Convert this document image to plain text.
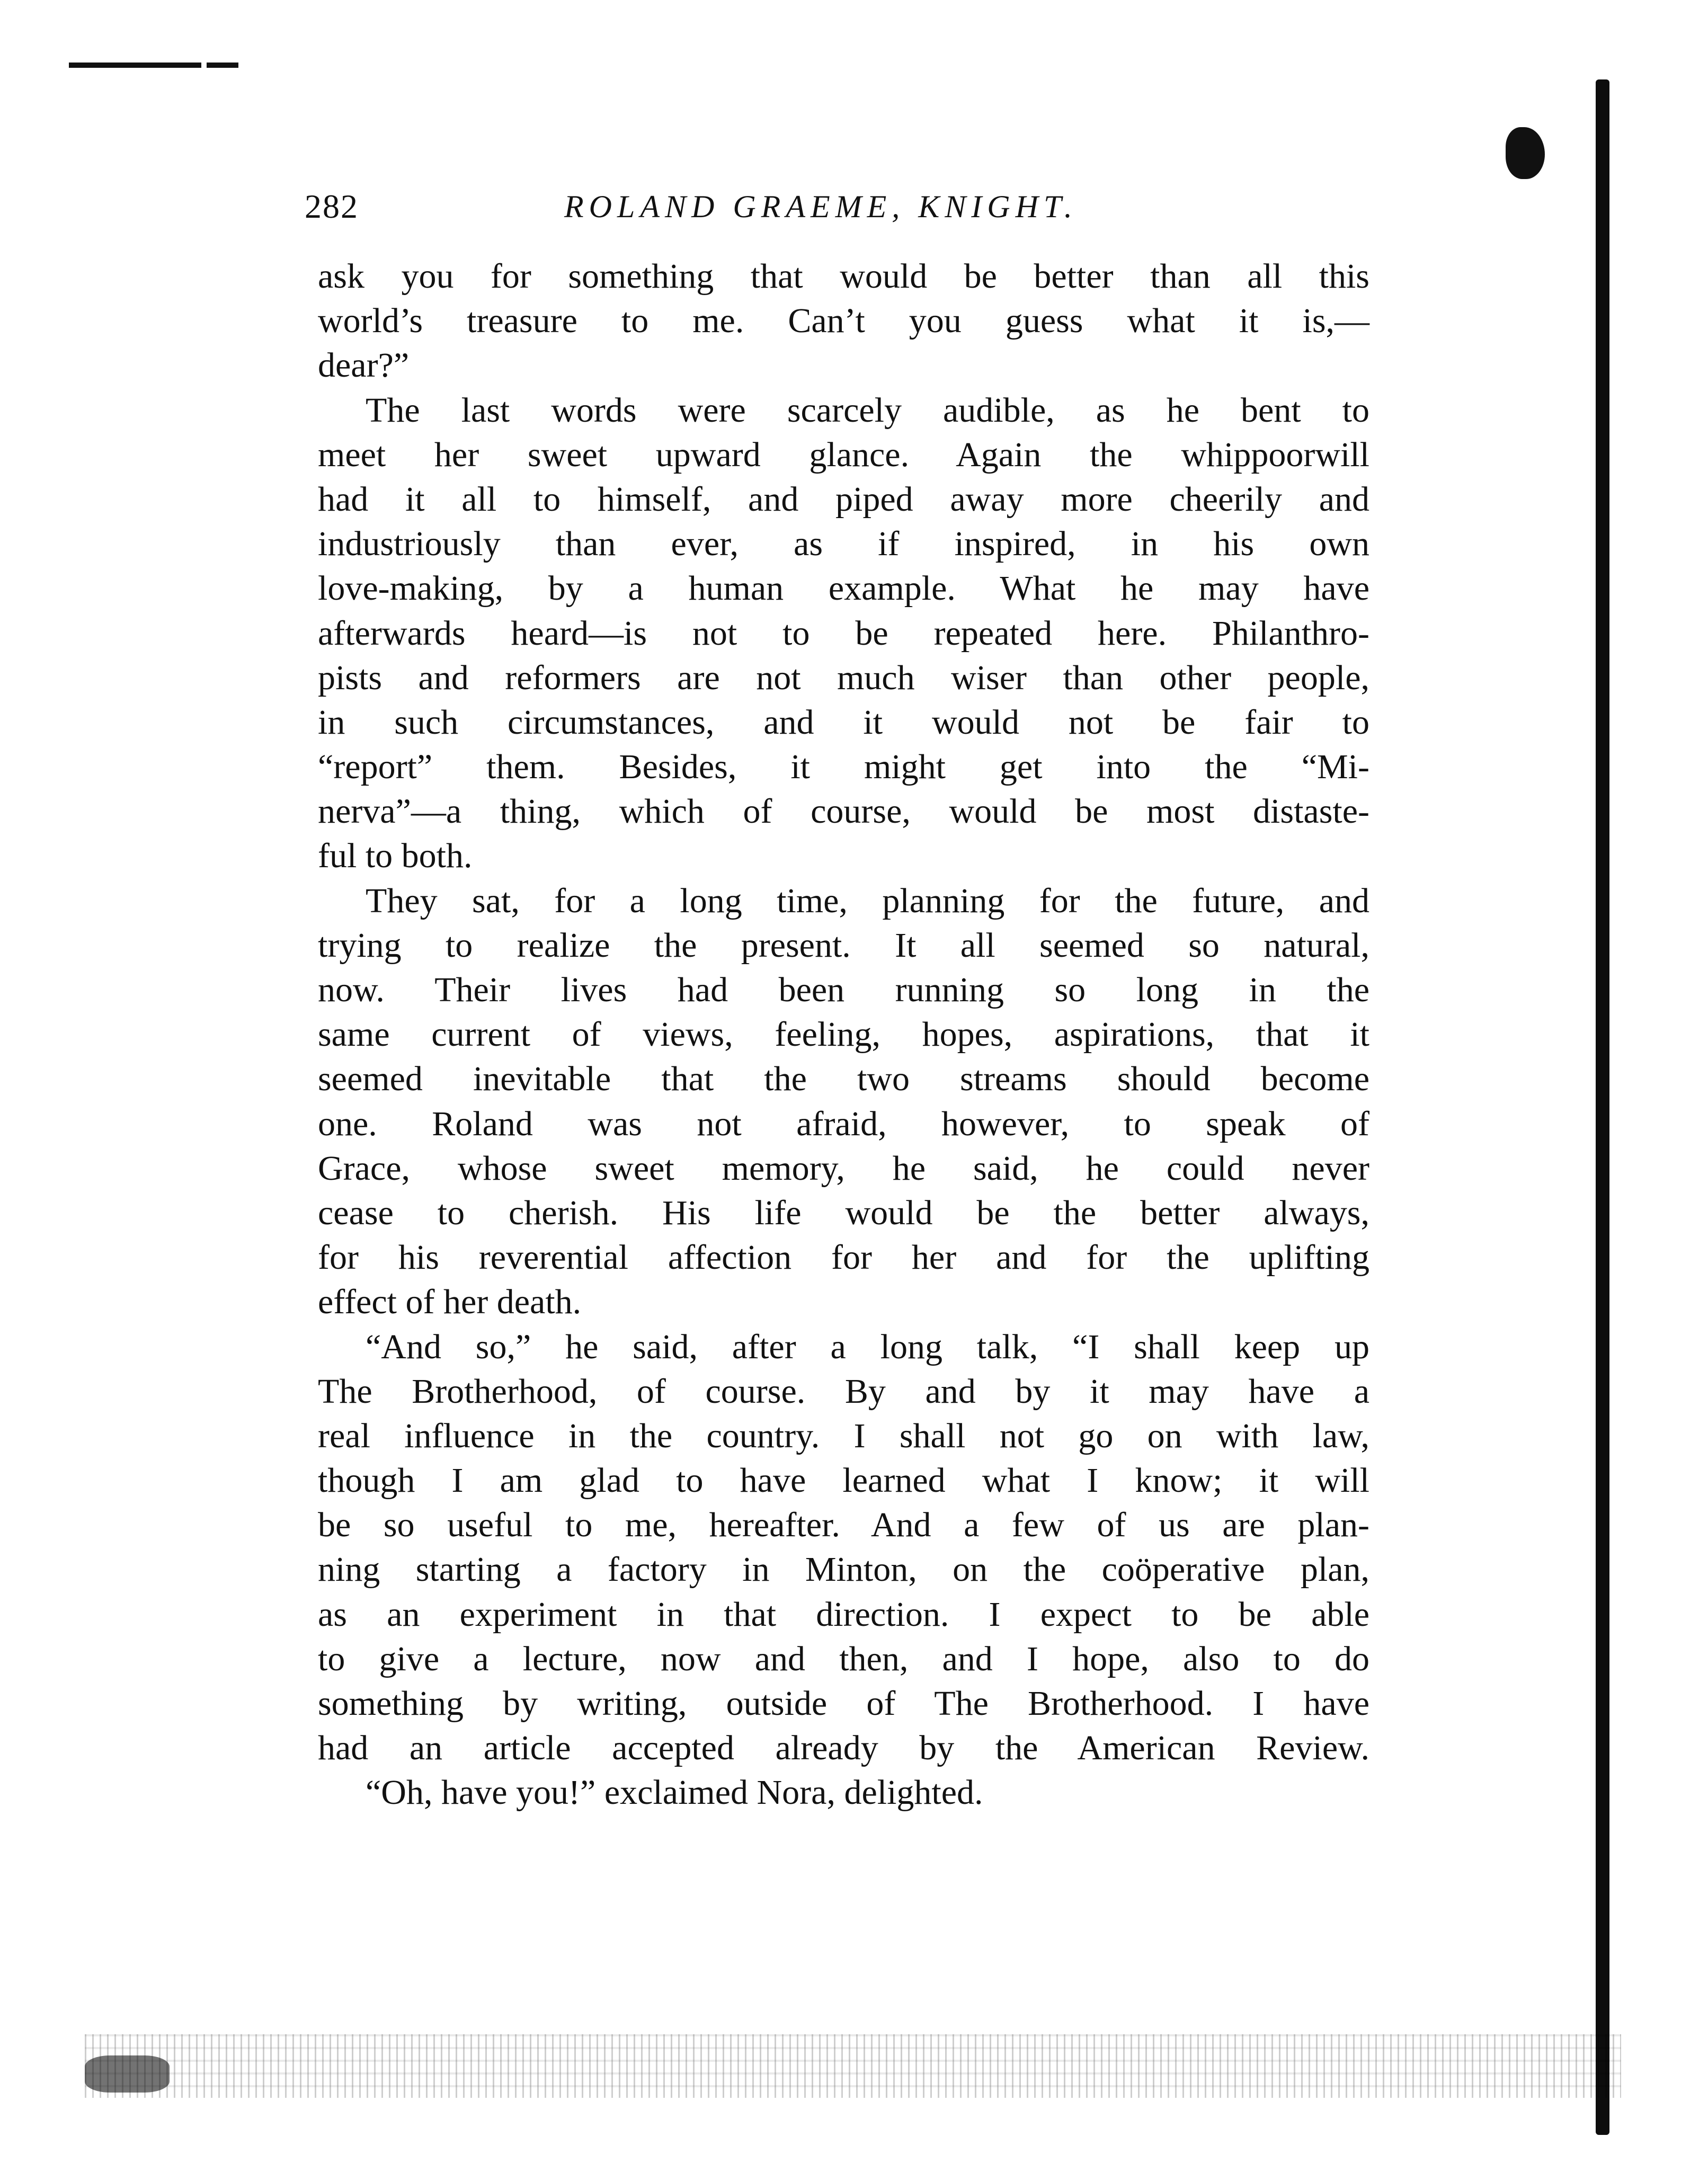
282	ROLAND GRAEME, KNIGHT.
ask you for something that would be better than all this
world’s treasure to me. Can’t you guess what it is,—
dear?”
The last words were scarcely audible, as he bent to
meet her sweet upward glance. Again the whippoorwill
had it all to himself, and piped away more cheerily and
industriously than ever, as if inspired, in his own
love-making, by a human example. What he may have
afterwards heard—is not to be repeated here. Philanthro-
pists and reformers are not much wiser than other people,
in such circumstances, and it would not be fair to
“report” them. Besides, it might get into the “Mi-
nerva”—a thing, which of course, would be most distaste-
ful to both.
They sat, for a long time, planning for the future, and
trying to realize the present. It all seemed so natural,
now. Their lives had been running so long in the
same current of views, feeling, hopes, aspirations, that it
seemed inevitable that the two streams should become
one. Roland was not afraid, however, to speak of
Grace, whose sweet memory, he said, he could never
cease to cherish. His life would be the better always,
for his reverential affection for her and for the uplifting
effect of her death.
“And so,” he said, after a long talk, “I shall keep up
The Brotherhood, of course. By and by it may have a
real influence in the country. I shall not go on with law,
though I am glad to have learned what I know; it will
be so useful to me, hereafter. And a few of us are plan-
ning starting a factory in Minton, on the coöperative plan,
as an experiment in that direction. I expect to be able
to give a lecture, now and then, and I hope, also to do
something by writing, outside of The Brotherhood. I have
had an article accepted already by the American Review.
“Oh, have you!” exclaimed Nora, delighted.
